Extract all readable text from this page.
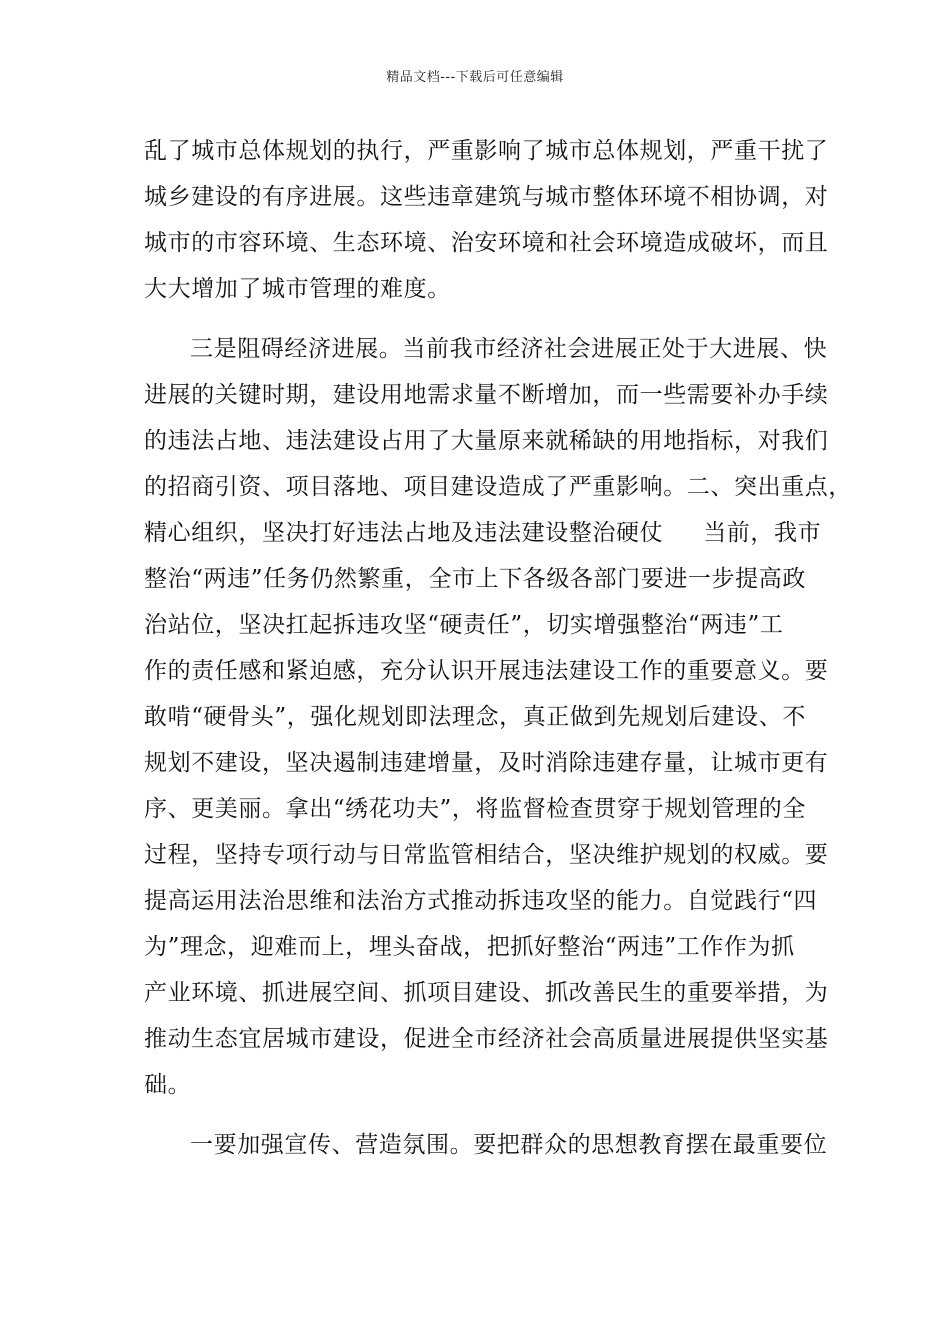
精品文档---下载后可任意编辑
乱了城市总体规划的执行，严重影响了城市总体规划，严重干扰了
城乡建设的有序进展。这些违章建筑与城市整体环境不相协调，对
城市的市容环境、生态环境、治安环境和社会环境造成破坏，而且
大大增加了城市管理的难度。
三是阻碍经济进展。当前我市经济社会进展正处于大进展、快
进展的关键时期，建设用地需求量不断增加，而一些需要补办手续
的违法占地、违法建设占用了大量原来就稀缺的用地指标，对我们
的招商引资、项目落地、项目建设造成了严重影响。二、突出重点，
精心组织，坚决打好违法占地及违法建设整治硬仗 当前，我市
整治“两违”任务仍然繁重，全市上下各级各部门要进一步提高政
治站位，坚决扛起拆违攻坚“硬责任”，切实增强整治“两违”工
作的责任感和紧迫感，充分认识开展违法建设工作的重要意义。要
敢啃“硬骨头”，强化规划即法理念，真正做到先规划后建设、不
规划不建设，坚决遏制违建增量，及时消除违建存量，让城市更有
序、更美丽。拿出“绣花功夫”，将监督检查贯穿于规划管理的全
过程，坚持专项行动与日常监管相结合，坚决维护规划的权威。要
提高运用法治思维和法治方式推动拆违攻坚的能力。自觉践行“四
为”理念，迎难而上，埋头奋战，把抓好整治“两违”工作作为抓
产业环境、抓进展空间、抓项目建设、抓改善民生的重要举措，为
推动生态宜居城市建设，促进全市经济社会高质量进展提供坚实基
础。
一要加强宣传、营造氛围。要把群众的思想教育摆在最重要位
